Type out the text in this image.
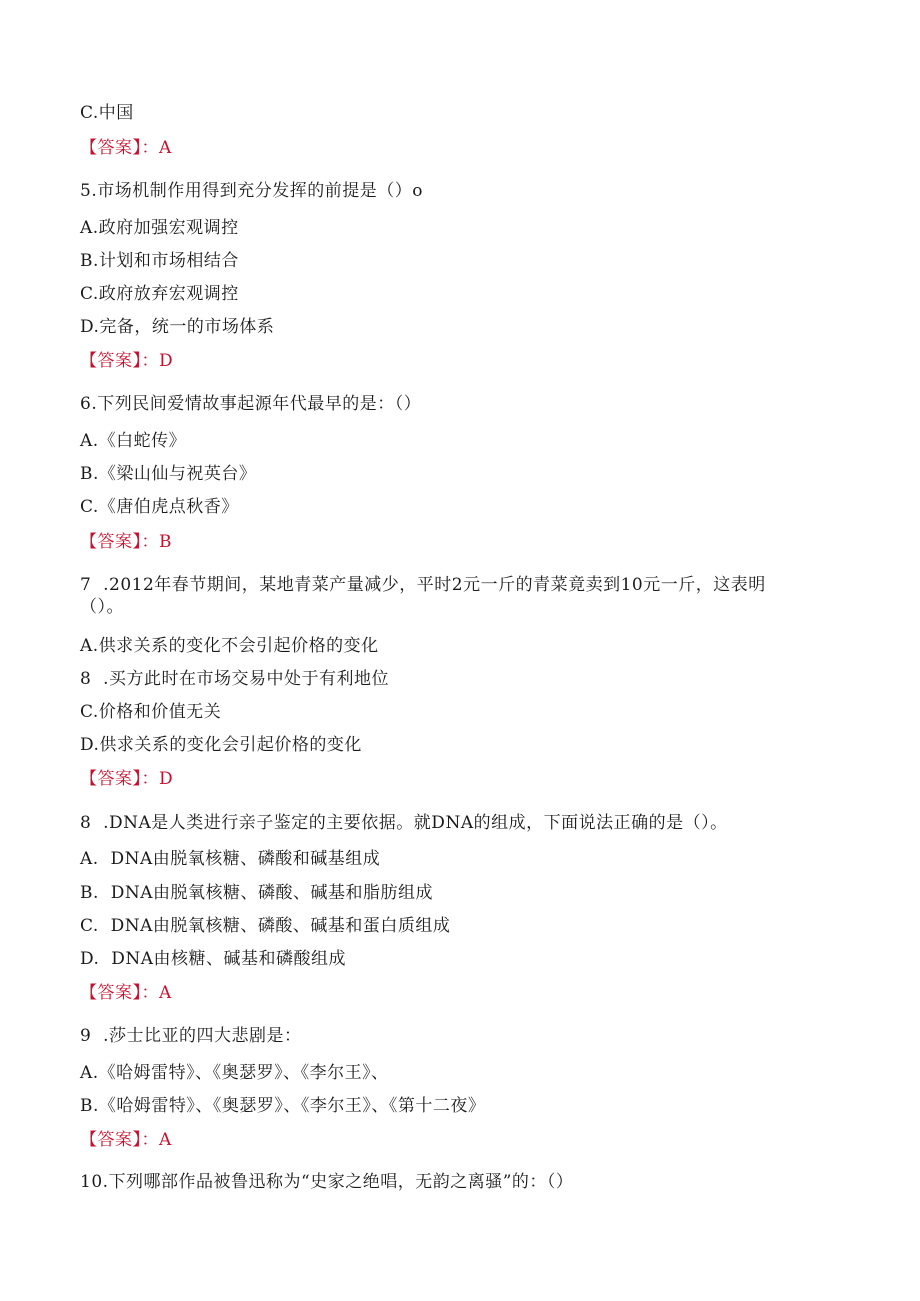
C.中国
【答案】：A
5.市场机制作用得到充分发挥的前提是（）o
A.政府加强宏观调控
B.计划和市场相结合
C.政府放弃宏观调控
D.完备，统一的市场体系
【答案】：D
6.下列民间爱情故事起源年代最早的是：（）
A.《白蛇传》
B.《梁山仙与祝英台》
C.《唐伯虎点秋香》
【答案】：B
7  .2012年春节期间，某地青菜产量减少，平时2元一斤的青菜竟卖到10元一斤，这表明
（）。
A.供求关系的变化不会引起价格的变化
8  .买方此时在市场交易中处于有利地位
C.价格和价值无关
D.供求关系的变化会引起价格的变化
【答案】：D
8  .DNA是人类进行亲子鉴定的主要依据。就DNA的组成，下面说法正确的是（）。
A.  DNA由脱氧核糖、磷酸和碱基组成
B.  DNA由脱氧核糖、磷酸、碱基和脂肪组成
C.  DNA由脱氧核糖、磷酸、碱基和蛋白质组成
D.  DNA由核糖、碱基和磷酸组成
【答案】：A
9  .莎士比亚的四大悲剧是：
A.《哈姆雷特》、《奥瑟罗》、《李尔王》、
B.《哈姆雷特》、《奥瑟罗》、《李尔王》、《第十二夜》
【答案】：A
10.下列哪部作品被鲁迅称为“史家之绝唱，无韵之离骚”的：（）
